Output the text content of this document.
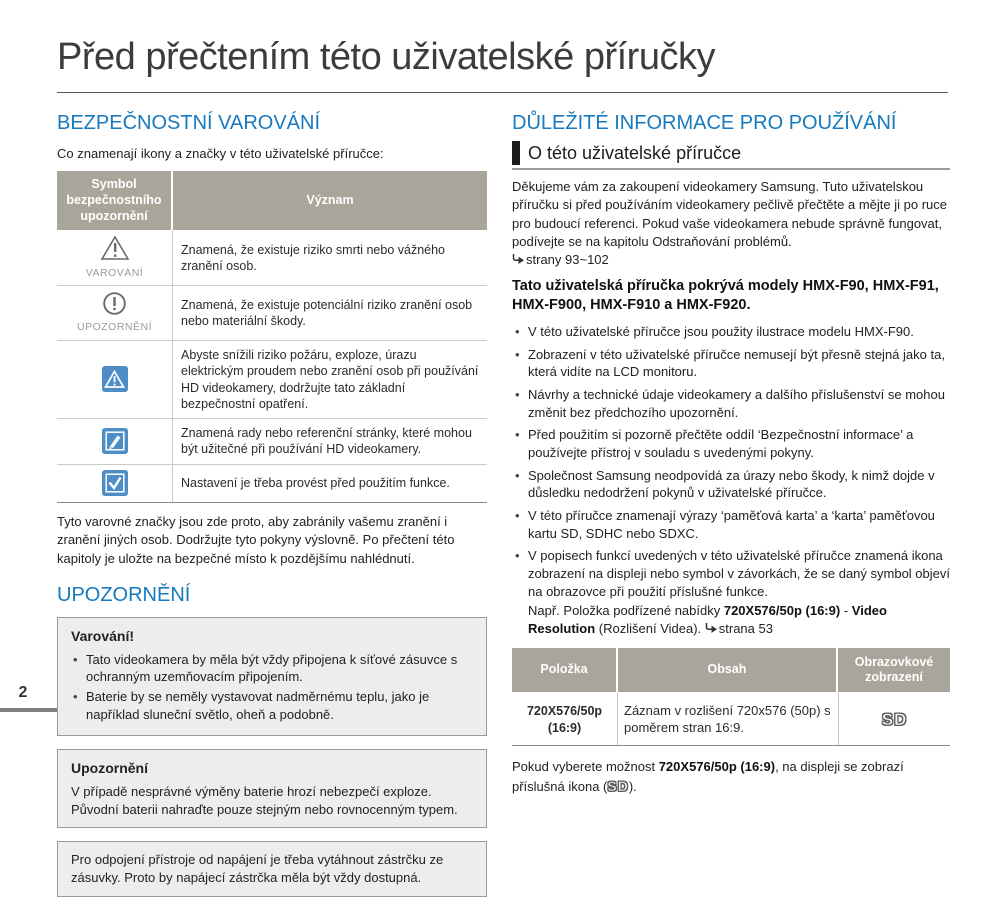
Před přečtením této uživatelské příručky
2
BEZPEČNOSTNÍ VAROVÁNÍ
Co znamenají ikony a značky v této uživatelské příručce:
Symbol bezpečnostního upozornění	Význam

VAROVÁNÍ	Znamená, že existuje riziko smrti nebo vážného zranění osob.

UPOZORNĚNÍ	Znamená, že existuje potenciální riziko zranění osob nebo materiální škody.

	Abyste snížili riziko požáru, exploze, úrazu elektrickým proudem nebo zranění osob při používání HD videokamery, dodržujte tato základní bezpečnostní opatření.

	Znamená rady nebo referenční stránky, které mohou být užitečné při používání HD videokamery.

	Nastavení je třeba provést před použitím funkce.

Tyto varovné značky jsou zde proto, aby zabránily vašemu zranění i zranění jiných osob. Dodržujte tyto pokyny výslovně. Po přečtení této kapitoly je uložte na bezpečné místo k pozdějšímu nahlédnutí.

UPOZORNĚNÍ
Varování!
• Tato videokamera by měla být vždy připojena k síťové zásuvce s ochranným uzemňovacím připojením.
• Baterie by se neměly vystavovat nadměrnému teplu, jako je například sluneční světlo, oheň a podobně.
Upozornění
V případě nesprávné výměny baterie hrozí nebezpečí exploze. Původní baterii nahraďte pouze stejným nebo rovnocenným typem.
Pro odpojení přístroje od napájení je třeba vytáhnout zástrčku ze zásuvky. Proto by napájecí zástrčka měla být vždy dostupná.
DŮLEŽITÉ INFORMACE PRO POUŽÍVÁNÍ
O této uživatelské příručce

Děkujeme vám za zakoupení videokamery Samsung. Tuto uživatelskou příručku si před používáním videokamery pečlivě přečtěte a mějte ji po ruce pro budoucí referenci. Pokud vaše videokamera nebude správně fungovat, podívejte se na kapitolu Odstraňování problémů.

strany 93~102
Tato uživatelská příručka pokrývá modely HMX-F90, HMX-F91, HMX-F900, HMX-F910 a HMX-F920.
• V této uživatelské příručce jsou použity ilustrace modelu HMX-F90.
• Zobrazení v této uživatelské příručce nemusejí být přesně stejná jako ta, která vidíte na LCD monitoru.
• Návrhy a technické údaje videokamery a dalšího příslušenství se mohou změnit bez předchozího upozornění.
• Před použitím si pozorně přečtěte oddíl ‘Bezpečnostní informace’ a používejte přístroj v souladu s uvedenými pokyny.
• Společnost Samsung neodpovídá za úrazy nebo škody, k nimž dojde v důsledku nedodržení pokynů v uživatelské příručce.
• V této příručce znamenají výrazy ‘paměťová karta’ a ‘karta’ paměťovou kartu SD, SDHC nebo SDXC.
• V popisech funkcí uvedených v této uživatelské příručce znamená ikona zobrazení na displeji nebo symbol v závorkách, že se daný symbol objeví na obrazovce při použití příslušné funkce.
Např. Položka podřízené nabídky 720X576/50p (16:9) - Video Resolution (Rozlišení Videa). strana 53
Položka	Obsah	Obrazovkové zobrazení
720X576/50p (16:9)	Záznam v rozlišení 720x576 (50p) s poměrem stran 16:9.	SD

Pokud vyberete možnost 720X576/50p (16:9), na displeji se zobrazí příslušná ikona (SD).
